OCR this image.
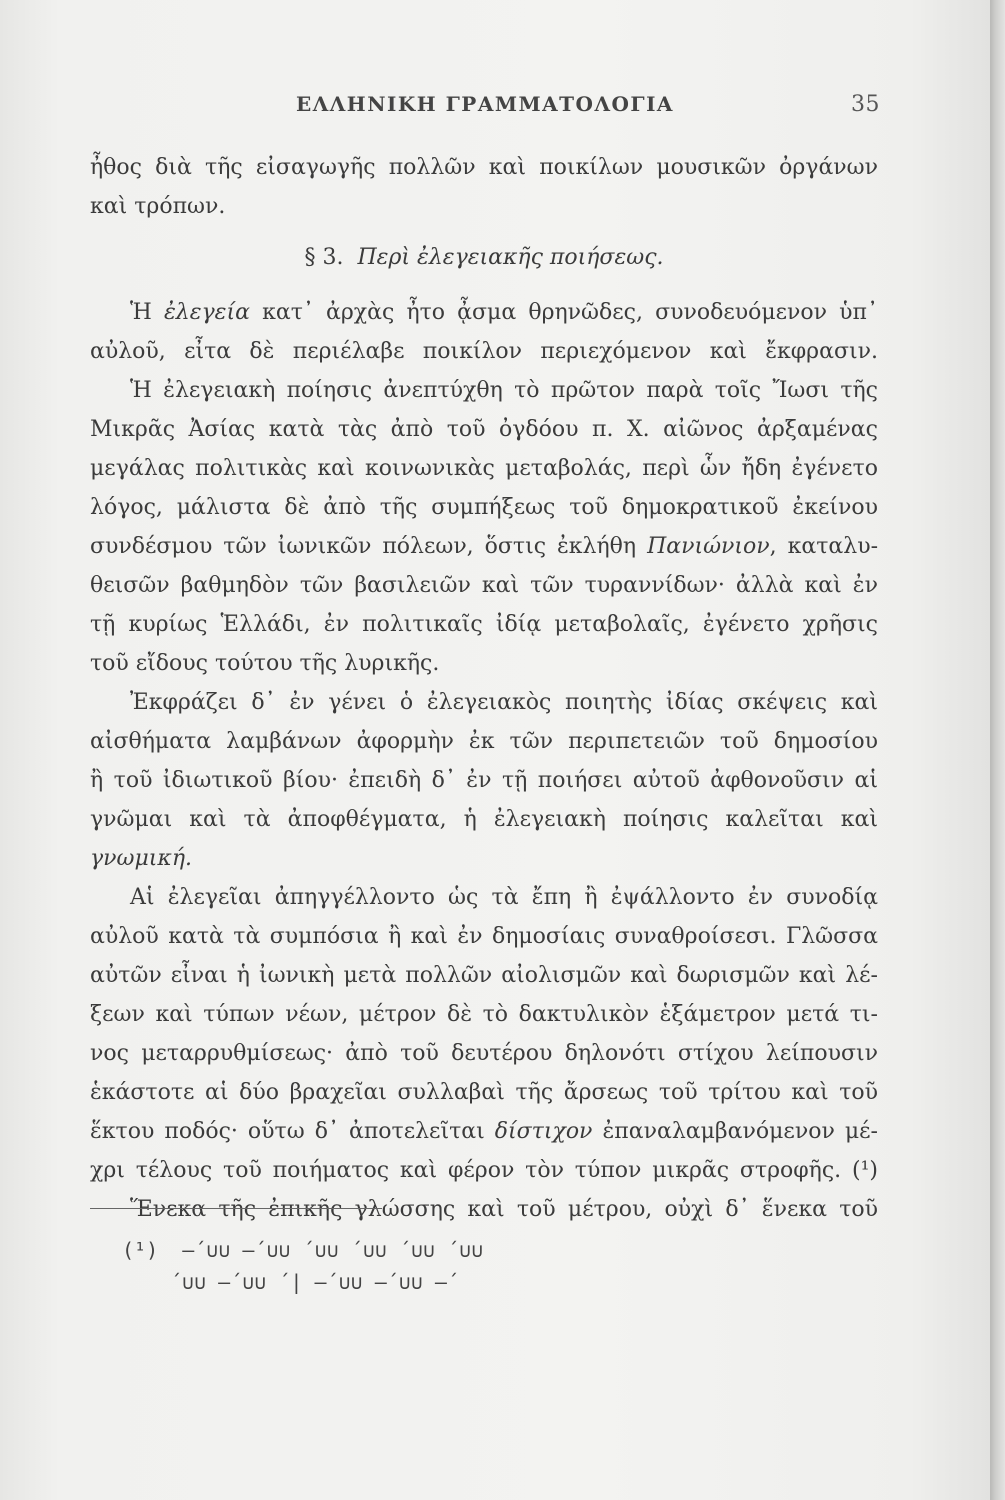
ΕΛΛΗΝΙΚΗ ΓΡΑΜΜΑΤΟΛΟΓΙΑ	35
ἦθος διὰ τῆς εἰσαγωγῆς πολλῶν καὶ ποικίλων μουσικῶν ὀργάνων
καὶ τρόπων.
§ 3. Περὶ ἐλεγειακῆς ποιήσεως.
Ἡ ἐλεγεία κατ᾽ ἀρχὰς ἦτο ᾆσμα θρηνῶδες, συνοδευόμενον ὑπ᾽
αὐλοῦ, εἶτα δὲ περιέλαβε ποικίλον περιεχόμενον καὶ ἔκφρασιν.
Ἡ ἐλεγειακὴ ποίησις ἀνεπτύχθη τὸ πρῶτον παρὰ τοῖς Ἴωσι τῆς
Μικρᾶς Ἀσίας κατὰ τὰς ἀπὸ τοῦ ὀγδόου π. Χ. αἰῶνος ἀρξαμένας
μεγάλας πολιτικὰς καὶ κοινωνικὰς μεταβολάς, περὶ ὧν ἤδη ἐγένετο
λόγος, μάλιστα δὲ ἀπὸ τῆς συμπήξεως τοῦ δημοκρατικοῦ ἐκείνου
συνδέσμου τῶν ἰωνικῶν πόλεων, ὅστις ἐκλήθη Πανιώνιον, καταλυ-
θεισῶν βαθμηδὸν τῶν βασιλειῶν καὶ τῶν τυραννίδων· ἀλλὰ καὶ ἐν
τῇ κυρίως Ἑλλάδι, ἐν πολιτικαῖς ἰδίᾳ μεταβολαῖς, ἐγένετο χρῆσις
τοῦ εἴδους τούτου τῆς λυρικῆς.
Ἐκφράζει δ᾽ ἐν γένει ὁ ἐλεγειακὸς ποιητὴς ἰδίας σκέψεις καὶ
αἰσθήματα λαμβάνων ἀφορμὴν ἐκ τῶν περιπετειῶν τοῦ δημοσίου
ἢ τοῦ ἰδιωτικοῦ βίου· ἐπειδὴ δ᾽ ἐν τῇ ποιήσει αὐτοῦ ἀφθονοῦσιν αἱ
γνῶμαι καὶ τὰ ἀποφθέγματα, ἡ ἐλεγειακὴ ποίησις καλεῖται καὶ
γνωμική.
Αἱ ἐλεγεῖαι ἀπηγγέλλοντο ὡς τὰ ἔπη ἢ ἐψάλλοντο ἐν συνοδίᾳ
αὐλοῦ κατὰ τὰ συμπόσια ἢ καὶ ἐν δημοσίαις συναθροίσεσι. Γλῶσσα
αὐτῶν εἶναι ἡ ἰωνικὴ μετὰ πολλῶν αἰολισμῶν καὶ δωρισμῶν καὶ λέ-
ξεων καὶ τύπων νέων, μέτρον δὲ τὸ δακτυλικὸν ἑξάμετρον μετά τι-
νος μεταρρυθμίσεως· ἀπὸ τοῦ δευτέρου δηλονότι στίχου λείπουσιν
ἑκάστοτε αἱ δύο βραχεῖαι συλλαβαὶ τῆς ἄρσεως τοῦ τρίτου καὶ τοῦ
ἕκτου ποδός· οὕτω δ᾽ ἀποτελεῖται δίστιχον ἐπαναλαμβανόμενον μέ-
χρι τέλους τοῦ ποιήματος καὶ φέρον τὸν τύπον μικρᾶς στροφῆς. (¹)
Ἕνεκα τῆς ἐπικῆς γλώσσης καὶ τοῦ μέτρου, οὐχὶ δ᾽ ἕνεκα τοῦ
(¹) –́ ∪∪ –́ ∪∪ ́ ∪∪ ́ ∪∪ ́ ∪∪ ́ ∪∪
́ ∪∪ –́ ∪∪ ́ | –́ ∪∪ –́ ∪∪ –́
